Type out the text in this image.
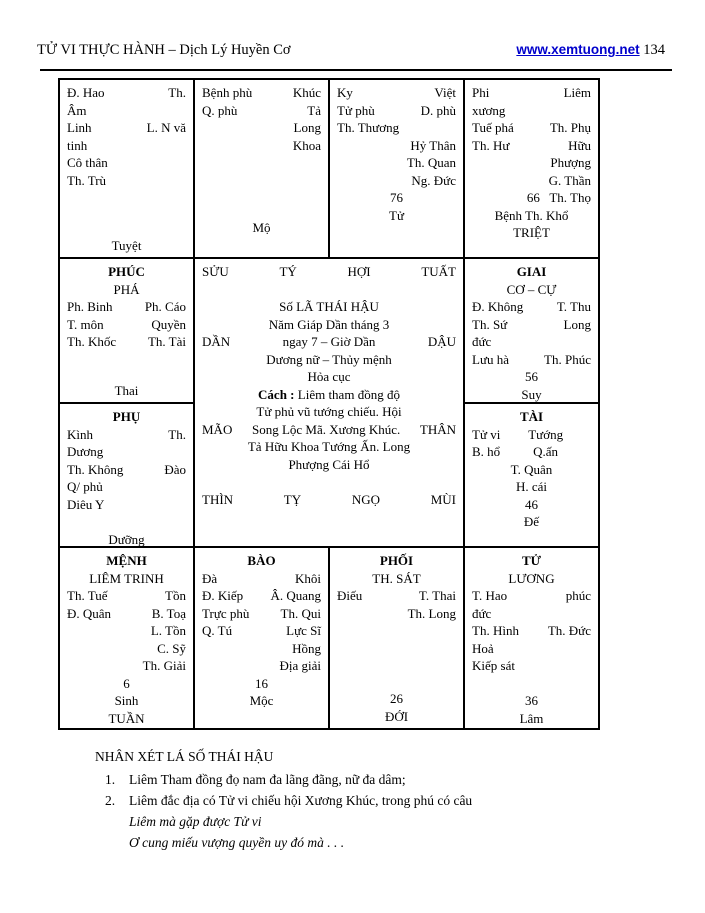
TỬ VI THỰC HÀNH – Dịch Lý Huyền Cơ	www.xemtuong.net 134
Đ. Hao	Th.
Âm
Linh	L. N vă
tinh
Cô thân
Th. Trù
Tuyệt
Bệnh phù	Khúc
Q. phù	Tả
Long
Khoa
Mộ
Ky	Việt
Tử phù	D. phù
Th. Thương
Hỷ Thân
Th. Quan
Ng. Đức
76
Tử
Phi	Liêm
xương
Tuế phá	Th. Phụ
Th. Hư	Hữu
Phượng
G. Thần
66   Th. Thọ
Bệnh Th. Khổ
TRIỆT
PHÚC
PHÁ
Ph. Binh Ph. Cáo
T. môn	Quyền
Th. Khốc Th. Tài
Thai
SỬU	TÝ	HỢI	TUẤT
Số LÃ THÁI HẬU
Năm Giáp Dần tháng 3
DẦN	ngay 7 – Giờ Dần	DẬU
Dương nữ – Thủy mệnh
Hỏa cục
Cách : Liêm tham đồng độ
Tử phủ vũ tướng chiếu. Hội
MÃO	Song Lộc Mã. Xương Khúc.	THÂN
Tả Hữu Khoa Tướng Ấn. Long
Phượng Cái Hổ
THÌN	TỴ	NGỌ	MÙI
GIAI
CƠ – CỰ
Đ. Không	T. Thu
Th. Sứ	Long
đức
Lưu hà	Th. Phúc
56
Suy
PHỤ
Kình	Th.
Dương
Th. Không	Đào
Q/ phủ
Diêu Y
Dưỡng
TÀI
Tử vi	Tướng
B. hổ	Q.ấn
T. Quân
H. cái
46
Đế
MỆNH
LIÊM TRINH
Th. Tuế	Tồn
Đ. Quân	B. Toạ
L. Tồn
C. Sỹ
Th. Giải
6
Sinh
TUẦN
BÀO
Đà	Khôi
Đ. Kiếp Â. Quang
Trực phù Th. Qui
Q. Tú	Lực Sĩ
Hồng
Địa giải
16
Mộc
PHỐI
TH. SÁT
Điếu	T. Thai
Th. Long
26
ĐỚI
TỬ
LƯƠNG
T. Hao	phúc
đức
Th. Hình Th. Đức
Hoả
Kiếp sát
36
Lâm
NHÂN XÉT LÁ SỐ THÁI HẬU
1.	Liêm Tham đồng đọ nam đa lãng đãng, nữ đa dâm;
2.	Liêm đắc địa có Tử vi chiếu hội Xương Khúc, trong phú có câu
Liêm mà gặp được Tử vi
Ơ cung miếu vượng quyền uy đó mà . . .
